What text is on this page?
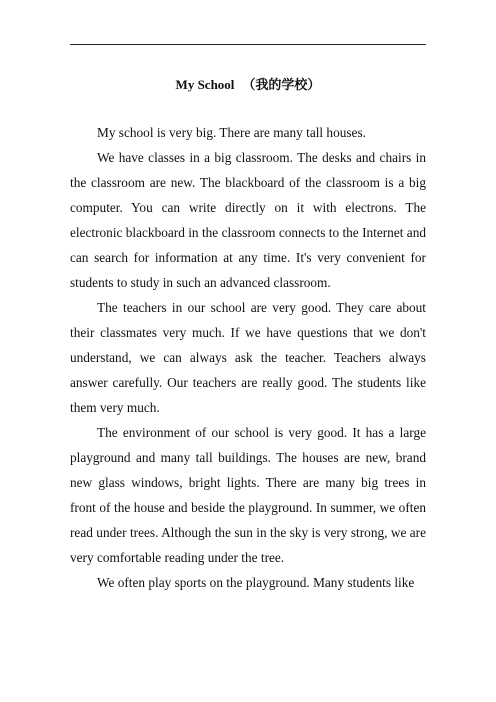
My School （我的学校）

My school is very big. There are many tall houses.

We have classes in a big classroom. The desks and chairs in the classroom are new. The blackboard of the classroom is a big computer. You can write directly on it with electrons. The electronic blackboard in the classroom connects to the Internet and can search for information at any time. It's very convenient for students to study in such an advanced classroom.

The teachers in our school are very good. They care about their classmates very much. If we have questions that we don't understand, we can always ask the teacher. Teachers always answer carefully. Our teachers are really good. The students like them very much.

The environment of our school is very good. It has a large playground and many tall buildings. The houses are new, brand new glass windows, bright lights. There are many big trees in front of the house and beside the playground. In summer, we often read under trees. Although the sun in the sky is very strong, we are very comfortable reading under the tree.

We often play sports on the playground. Many students like
